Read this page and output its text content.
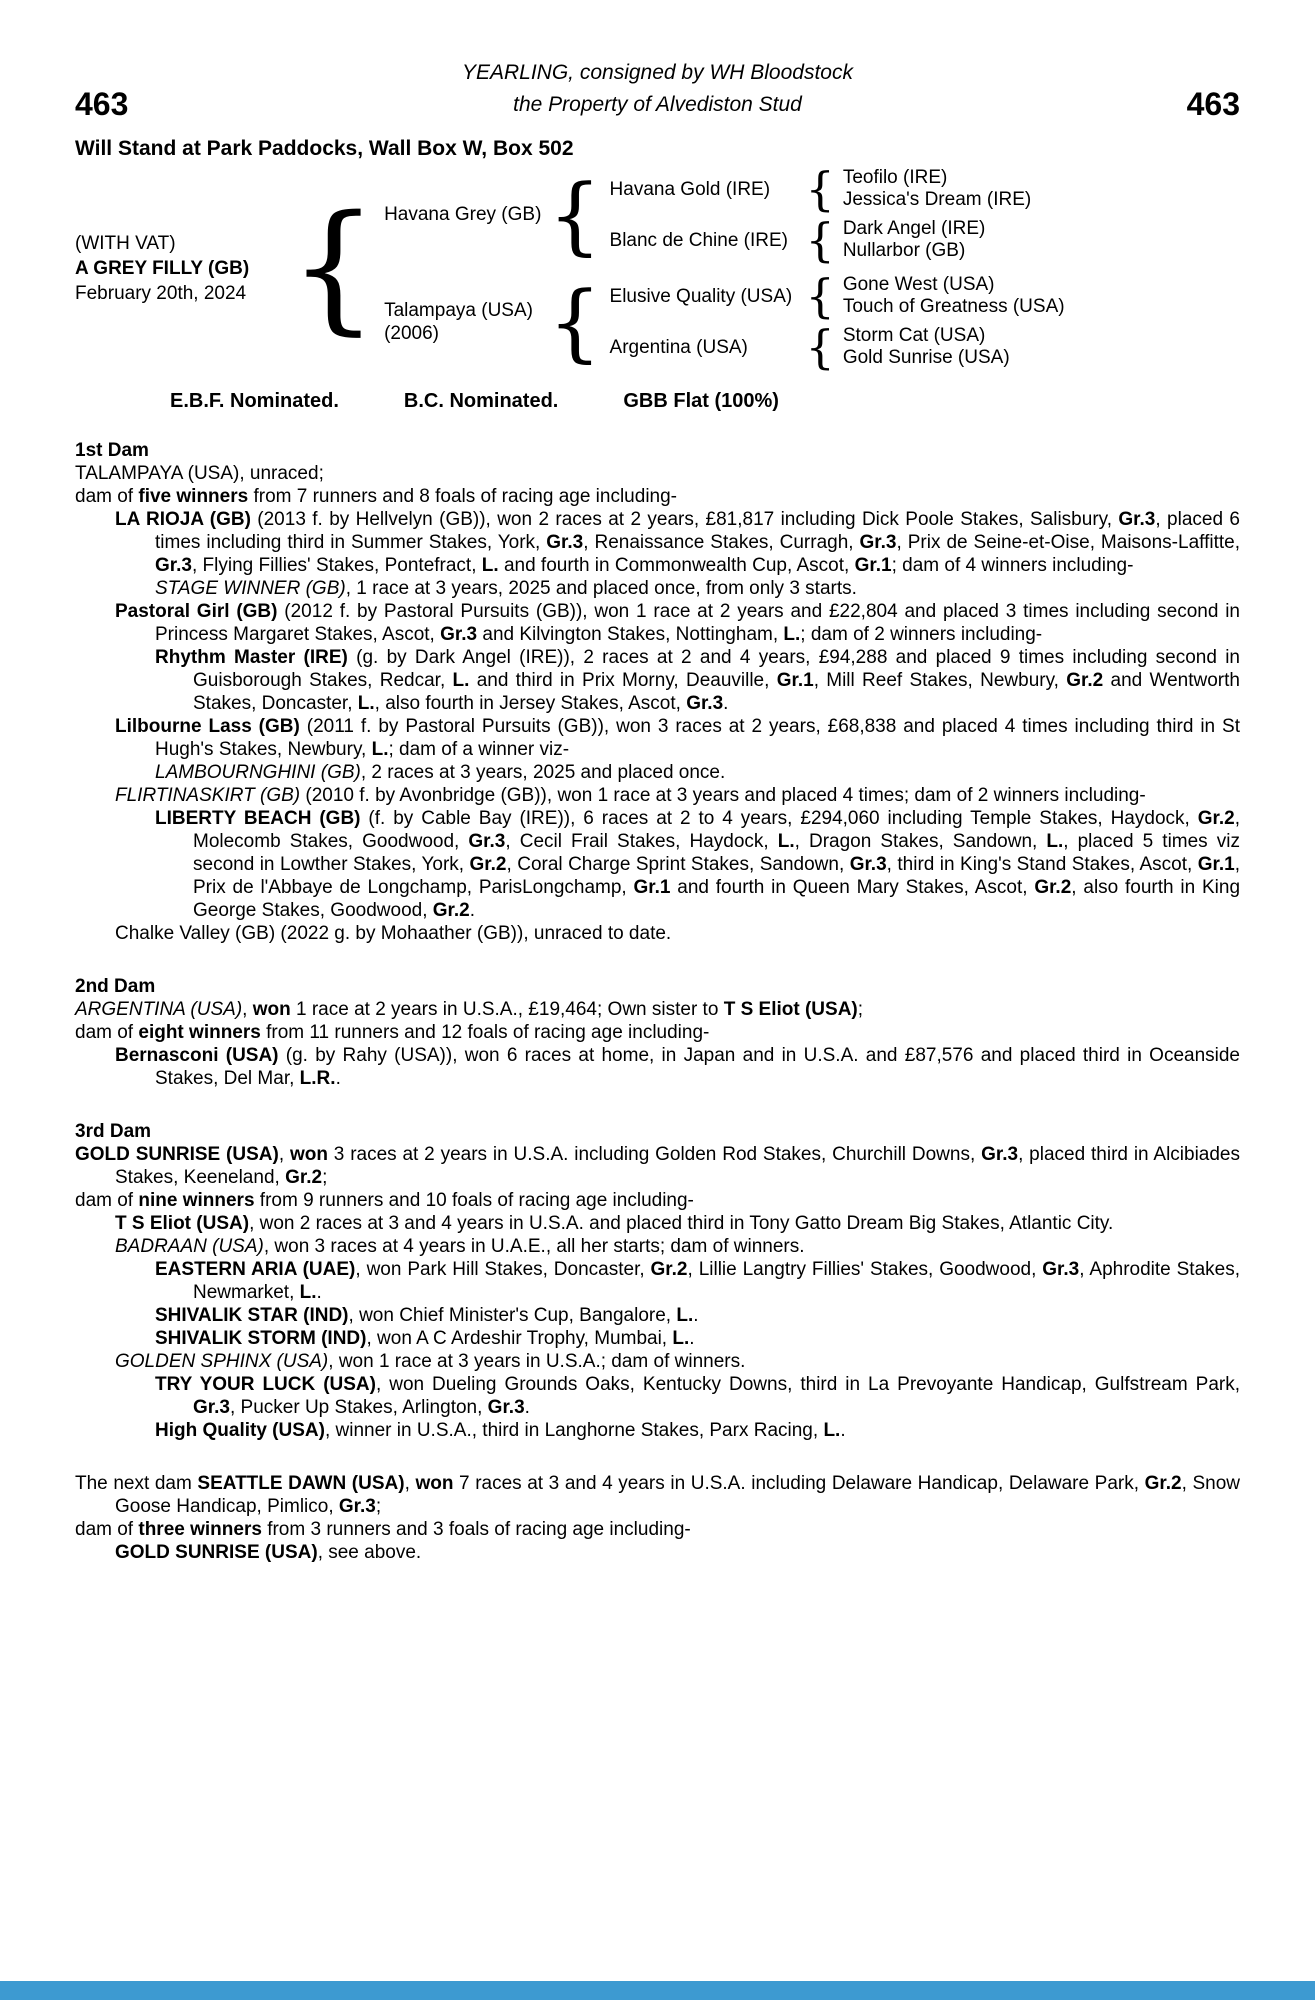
YEARLING, consigned by WH Bloodstock
463	the Property of Alvediston Stud	463
Will Stand at Park Paddocks, Wall Box W, Box 502
(WITH VAT)
A GREY FILLY (GB)
February 20th, 2024 { Havana Grey (GB) { Havana Gold (IRE) { Teofilo (IRE)
Jessica's Dream (IRE)
Blanc de Chine (IRE) { Dark Angel (IRE)
Nullarbor (GB)
Talampaya (USA)
(2006)	{ Elusive Quality (USA) { Gone West (USA)
Touch of Greatness (USA)
Argentina (USA)	{ Storm Cat (USA)
Gold Sunrise (USA)
E.B.F. Nominated.	B.C. Nominated.	GBB Flat (100%)
1st Dam
TALAMPAYA (USA), unraced;
dam of five winners from 7 runners and 8 foals of racing age including-
LA RIOJA (GB) (2013 f. by Hellvelyn (GB)), won 2 races at 2 years, £81,817 including Dick Poole Stakes, Salisbury, Gr.3, placed 6 times including third in Summer Stakes, York, Gr.3, Renaissance Stakes, Curragh, Gr.3, Prix de Seine-et-Oise, Maisons-Laffitte, Gr.3, Flying Fillies' Stakes, Pontefract, L. and fourth in Commonwealth Cup, Ascot, Gr.1; dam of 4 winners including-
STAGE WINNER (GB), 1 race at 3 years, 2025 and placed once, from only 3 starts.
Pastoral Girl (GB) (2012 f. by Pastoral Pursuits (GB)), won 1 race at 2 years and £22,804 and placed 3 times including second in Princess Margaret Stakes, Ascot, Gr.3 and Kilvington Stakes, Nottingham, L.; dam of 2 winners including-
Rhythm Master (IRE) (g. by Dark Angel (IRE)), 2 races at 2 and 4 years, £94,288 and placed 9 times including second in Guisborough Stakes, Redcar, L. and third in Prix Morny, Deauville, Gr.1, Mill Reef Stakes, Newbury, Gr.2 and Wentworth Stakes, Doncaster, L., also fourth in Jersey Stakes, Ascot, Gr.3.
Lilbourne Lass (GB) (2011 f. by Pastoral Pursuits (GB)), won 3 races at 2 years, £68,838 and placed 4 times including third in St Hugh's Stakes, Newbury, L.; dam of a winner viz-
LAMBOURNGHINI (GB), 2 races at 3 years, 2025 and placed once.
FLIRTINASKIRT (GB) (2010 f. by Avonbridge (GB)), won 1 race at 3 years and placed 4 times; dam of 2 winners including-
LIBERTY BEACH (GB) (f. by Cable Bay (IRE)), 6 races at 2 to 4 years, £294,060 including Temple Stakes, Haydock, Gr.2, Molecomb Stakes, Goodwood, Gr.3, Cecil Frail Stakes, Haydock, L., Dragon Stakes, Sandown, L., placed 5 times viz second in Lowther Stakes, York, Gr.2, Coral Charge Sprint Stakes, Sandown, Gr.3, third in King's Stand Stakes, Ascot, Gr.1, Prix de l'Abbaye de Longchamp, ParisLongchamp, Gr.1 and fourth in Queen Mary Stakes, Ascot, Gr.2, also fourth in King George Stakes, Goodwood, Gr.2.
Chalke Valley (GB) (2022 g. by Mohaather (GB)), unraced to date.
2nd Dam
ARGENTINA (USA), won 1 race at 2 years in U.S.A., £19,464; Own sister to T S Eliot (USA);
dam of eight winners from 11 runners and 12 foals of racing age including-
Bernasconi (USA) (g. by Rahy (USA)), won 6 races at home, in Japan and in U.S.A. and £87,576 and placed third in Oceanside Stakes, Del Mar, L.R..
3rd Dam
GOLD SUNRISE (USA), won 3 races at 2 years in U.S.A. including Golden Rod Stakes, Churchill Downs, Gr.3, placed third in Alcibiades Stakes, Keeneland, Gr.2;
dam of nine winners from 9 runners and 10 foals of racing age including-
T S Eliot (USA), won 2 races at 3 and 4 years in U.S.A. and placed third in Tony Gatto Dream Big Stakes, Atlantic City.
BADRAAN (USA), won 3 races at 4 years in U.A.E., all her starts; dam of winners.
EASTERN ARIA (UAE), won Park Hill Stakes, Doncaster, Gr.2, Lillie Langtry Fillies' Stakes, Goodwood, Gr.3, Aphrodite Stakes, Newmarket, L..
SHIVALIK STAR (IND), won Chief Minister's Cup, Bangalore, L..
SHIVALIK STORM (IND), won A C Ardeshir Trophy, Mumbai, L..
GOLDEN SPHINX (USA), won 1 race at 3 years in U.S.A.; dam of winners.
TRY YOUR LUCK (USA), won Dueling Grounds Oaks, Kentucky Downs, third in La Prevoyante Handicap, Gulfstream Park, Gr.3, Pucker Up Stakes, Arlington, Gr.3.
High Quality (USA), winner in U.S.A., third in Langhorne Stakes, Parx Racing, L..
The next dam SEATTLE DAWN (USA), won 7 races at 3 and 4 years in U.S.A. including Delaware Handicap, Delaware Park, Gr.2, Snow Goose Handicap, Pimlico, Gr.3;
dam of three winners from 3 runners and 3 foals of racing age including-
GOLD SUNRISE (USA), see above.
